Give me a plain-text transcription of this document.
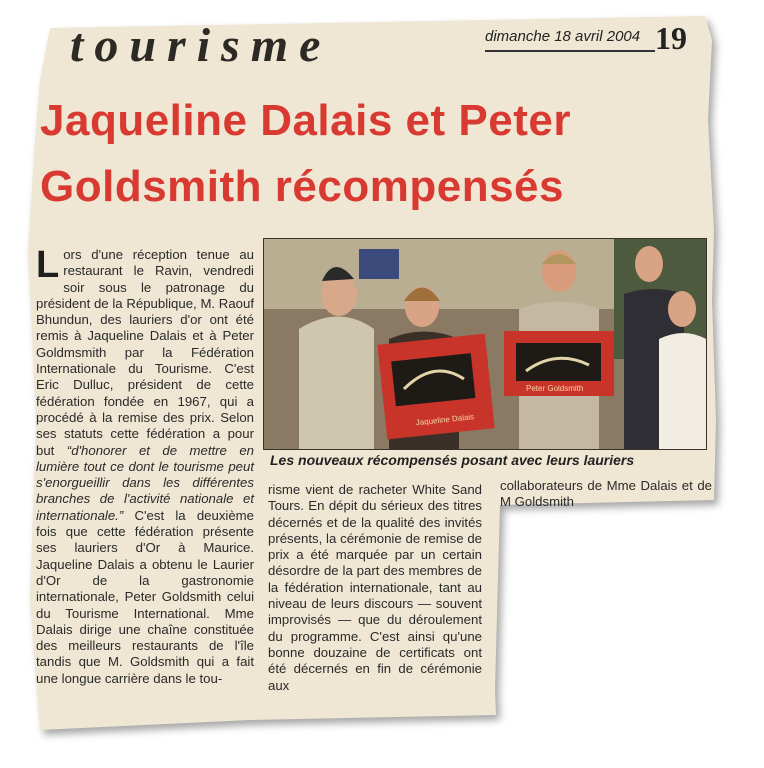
tourisme	dimanche 18 avril 2004 19
Jaqueline Dalais et Peter
Goldsmith récompensés
Lors d'une réception tenue au restaurant le Ravin, vendredi soir sous le patronage du président de la République, M. Raouf Bhundun, des lauriers d'or ont été remis à Jaqueline Dalais et à Peter Goldmsmith par la Fédération Internationale du Tourisme. C'est Eric Dulluc, président de cette fédération fondée en 1967, qui a procédé à la remise des prix. Selon ses statuts cette fédération a pour but “d'honorer et de mettre en lumière tout ce dont le tourisme peut s'enorgueillir dans les différentes branches de l'activité nationale et internationale.” C'est la deuxième fois que cette fédération présente ses lauriers d'Or à Maurice. Jaqueline Dalais a obtenu le Laurier d'Or de la gastronomie internationale, Peter Goldsmith celui du Tourisme International. Mme Dalais dirige une chaîne constituée des meilleurs restaurants de l'île tandis que M. Goldsmith qui a fait une longue carrière dans le tou-
Jaqueline Dalais
Peter Goldsmith
Les nouveaux récompensés posant avec leurs lauriers
risme vient de racheter White Sand Tours. En dépit du sérieux des titres décernés et de la qualité des invités présents, la cérémonie de remise de prix a été marquée par un certain désordre de la part des membres de la fédération internationale, tant au niveau de leurs discours — souvent improvisés — que du déroulement du programme. C'est ainsi qu'une bonne douzaine de certificats ont été décernés en fin de cérémonie aux
collaborateurs de Mme Dalais et de M Goldsmith
